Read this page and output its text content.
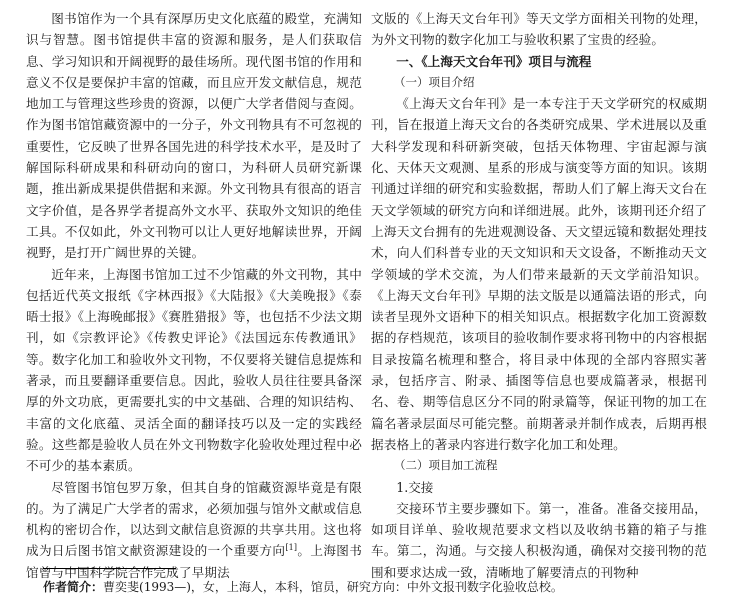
图书馆作为一个具有深厚历史文化底蕴的殿堂，充满知识与智慧。图书馆提供丰富的资源和服务，是人们获取信息、学习知识和开阔视野的最佳场所。现代图书馆的作用和意义不仅是要保护丰富的馆藏，而且应开发文献信息，规范地加工与管理这些珍贵的资源，以便广大学者借阅与查阅。作为图书馆馆藏资源中的一分子，外文刊物具有不可忽视的重要性，它反映了世界各国先进的科学技术水平，是及时了解国际科研成果和科研动向的窗口，为科研人员研究新课题，推出新成果提供借据和来源。外文刊物具有很高的语言文字价值，是各界学者提高外文水平、获取外文知识的绝佳工具。不仅如此，外文刊物可以让人更好地解读世界，开阔视野，是打开广阔世界的关键。

近年来，上海图书馆加工过不少馆藏的外文刊物，其中包括近代英文报纸《字林西报》《大陆报》《大美晚报》《泰晤士报》《上海晚邮报》《赛胜猎报》等，也包括不少法文期刊，如《宗教评论》《传教史评论》《法国远东传教通讯》等。数字化加工和验收外文刊物，不仅要将关键信息提炼和著录，而且要翻译重要信息。因此，验收人员往往要具备深厚的外文功底，更需要扎实的中文基础、合理的知识结构、丰富的文化底蕴、灵活全面的翻译技巧以及一定的实践经验。这些都是验收人员在外文刊物数字化验收处理过程中必不可少的基本素质。

尽管图书馆包罗万象，但其自身的馆藏资源毕竟是有限的。为了满足广大学者的需求，必须加强与馆外文献或信息机构的密切合作，以达到文献信息资源的共享共用。这也将成为日后图书馆文献资源建设的一个重要方向[1]。上海图书馆曾与中国科学院合作完成了早期法

文版的《上海天文台年刊》等天文学方面相关刊物的处理，为外文刊物的数字化加工与验收积累了宝贵的经验。

一、《上海天文台年刊》项目与流程

（一）项目介绍

《上海天文台年刊》是一本专注于天文学研究的权威期刊，旨在报道上海天文台的各类研究成果、学术进展以及重大科学发现和科研新突破，包括天体物理、宇宙起源与演化、天体天文观测、星系的形成与演变等方面的知识。该期刊通过详细的研究和实验数据，帮助人们了解上海天文台在天文学领域的研究方向和详细进展。此外，该期刊还介绍了上海天文台拥有的先进观测设备、天文望远镜和数据处理技术，向人们科普专业的天文知识和天文设备，不断推动天文学领域的学术交流，为人们带来最新的天文学前沿知识。《上海天文台年刊》早期的法文版是以通篇法语的形式，向读者呈现外文语种下的相关知识点。根据数字化加工资源数据的存档规范，该项目的验收制作要求将刊物中的内容根据目录按篇名梳理和整合，将目录中体现的全部内容照实著录，包括序言、附录、插图等信息也要成篇著录，根据刊名、卷、期等信息区分不同的附录篇等，保证刊物的加工在篇名著录层面尽可能完整。前期著录并制作成表，后期再根据表格上的著录内容进行数字化加工和处理。

（二）项目加工流程

1.交接

交接环节主要步骤如下。第一，准备。准备交接用品，如项目详单、验收规范要求文档以及收纳书籍的箱子与推车。第二，沟通。与交接人积极沟通，确保对交接刊物的范围和要求达成一致，清晰地了解要清点的刊物种

作者简介：曹奕斐(1993—)，女，上海人，本科，馆员，研究方向：中外文报刊数字化验收总校。
